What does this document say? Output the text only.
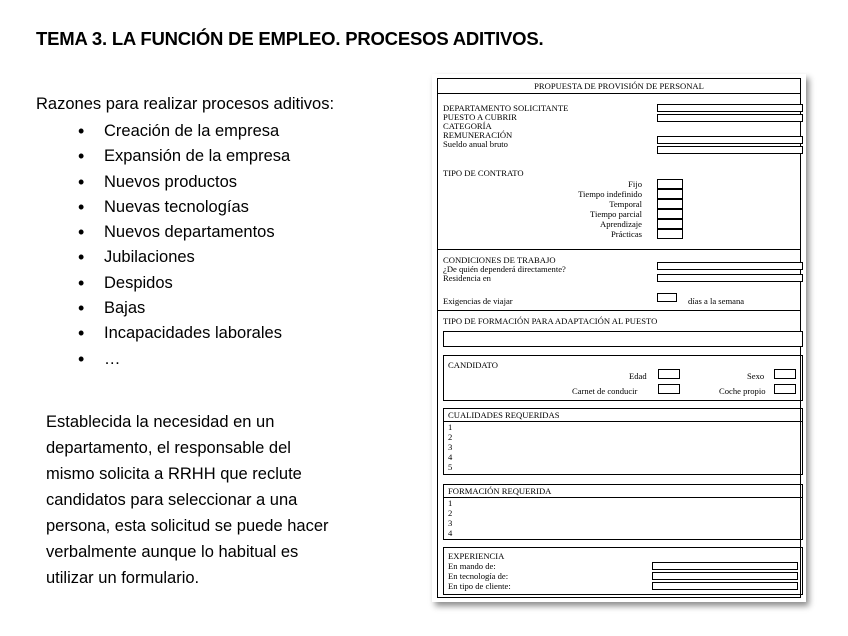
TEMA 3. LA FUNCIÓN DE EMPLEO. PROCESOS ADITIVOS.
Razones para realizar procesos aditivos:
• Creación de la empresa
• Expansión de la empresa
• Nuevos productos
• Nuevas tecnologías
• Nuevos departamentos
• Jubilaciones
• Despidos
• Bajas
• Incapacidades laborales
• …
Establecida la necesidad en un
departamento, el responsable del
mismo solicita a RRHH que reclute
candidatos para seleccionar a una
persona, esta solicitud se puede hacer
verbalmente aunque lo habitual es
utilizar un formulario.
PROPUESTA DE PROVISIÓN DE PERSONAL
DEPARTAMENTO SOLICITANTE
PUESTO A CUBRIR
CATEGORÍA
REMUNERACIÓN
Sueldo anual bruto
TIPO DE CONTRATO
Fijo
Tiempo indefinido
Temporal
Tiempo parcial
Aprendizaje
Prácticas
CONDICIONES DE TRABAJO
¿De quién dependerá directamente?
Residencia en
Exigencias de viajar	días a la semana
TIPO DE FORMACIÓN PARA ADAPTACIÓN AL PUESTO
CANDIDATO
Edad	Sexo
Carnet de conducir	Coche propio
CUALIDADES REQUERIDAS
1
2
3
4
5
FORMACIÓN REQUERIDA
1
2
3
4
EXPERIENCIA
En mando de:
En tecnología de:
En tipo de cliente:
